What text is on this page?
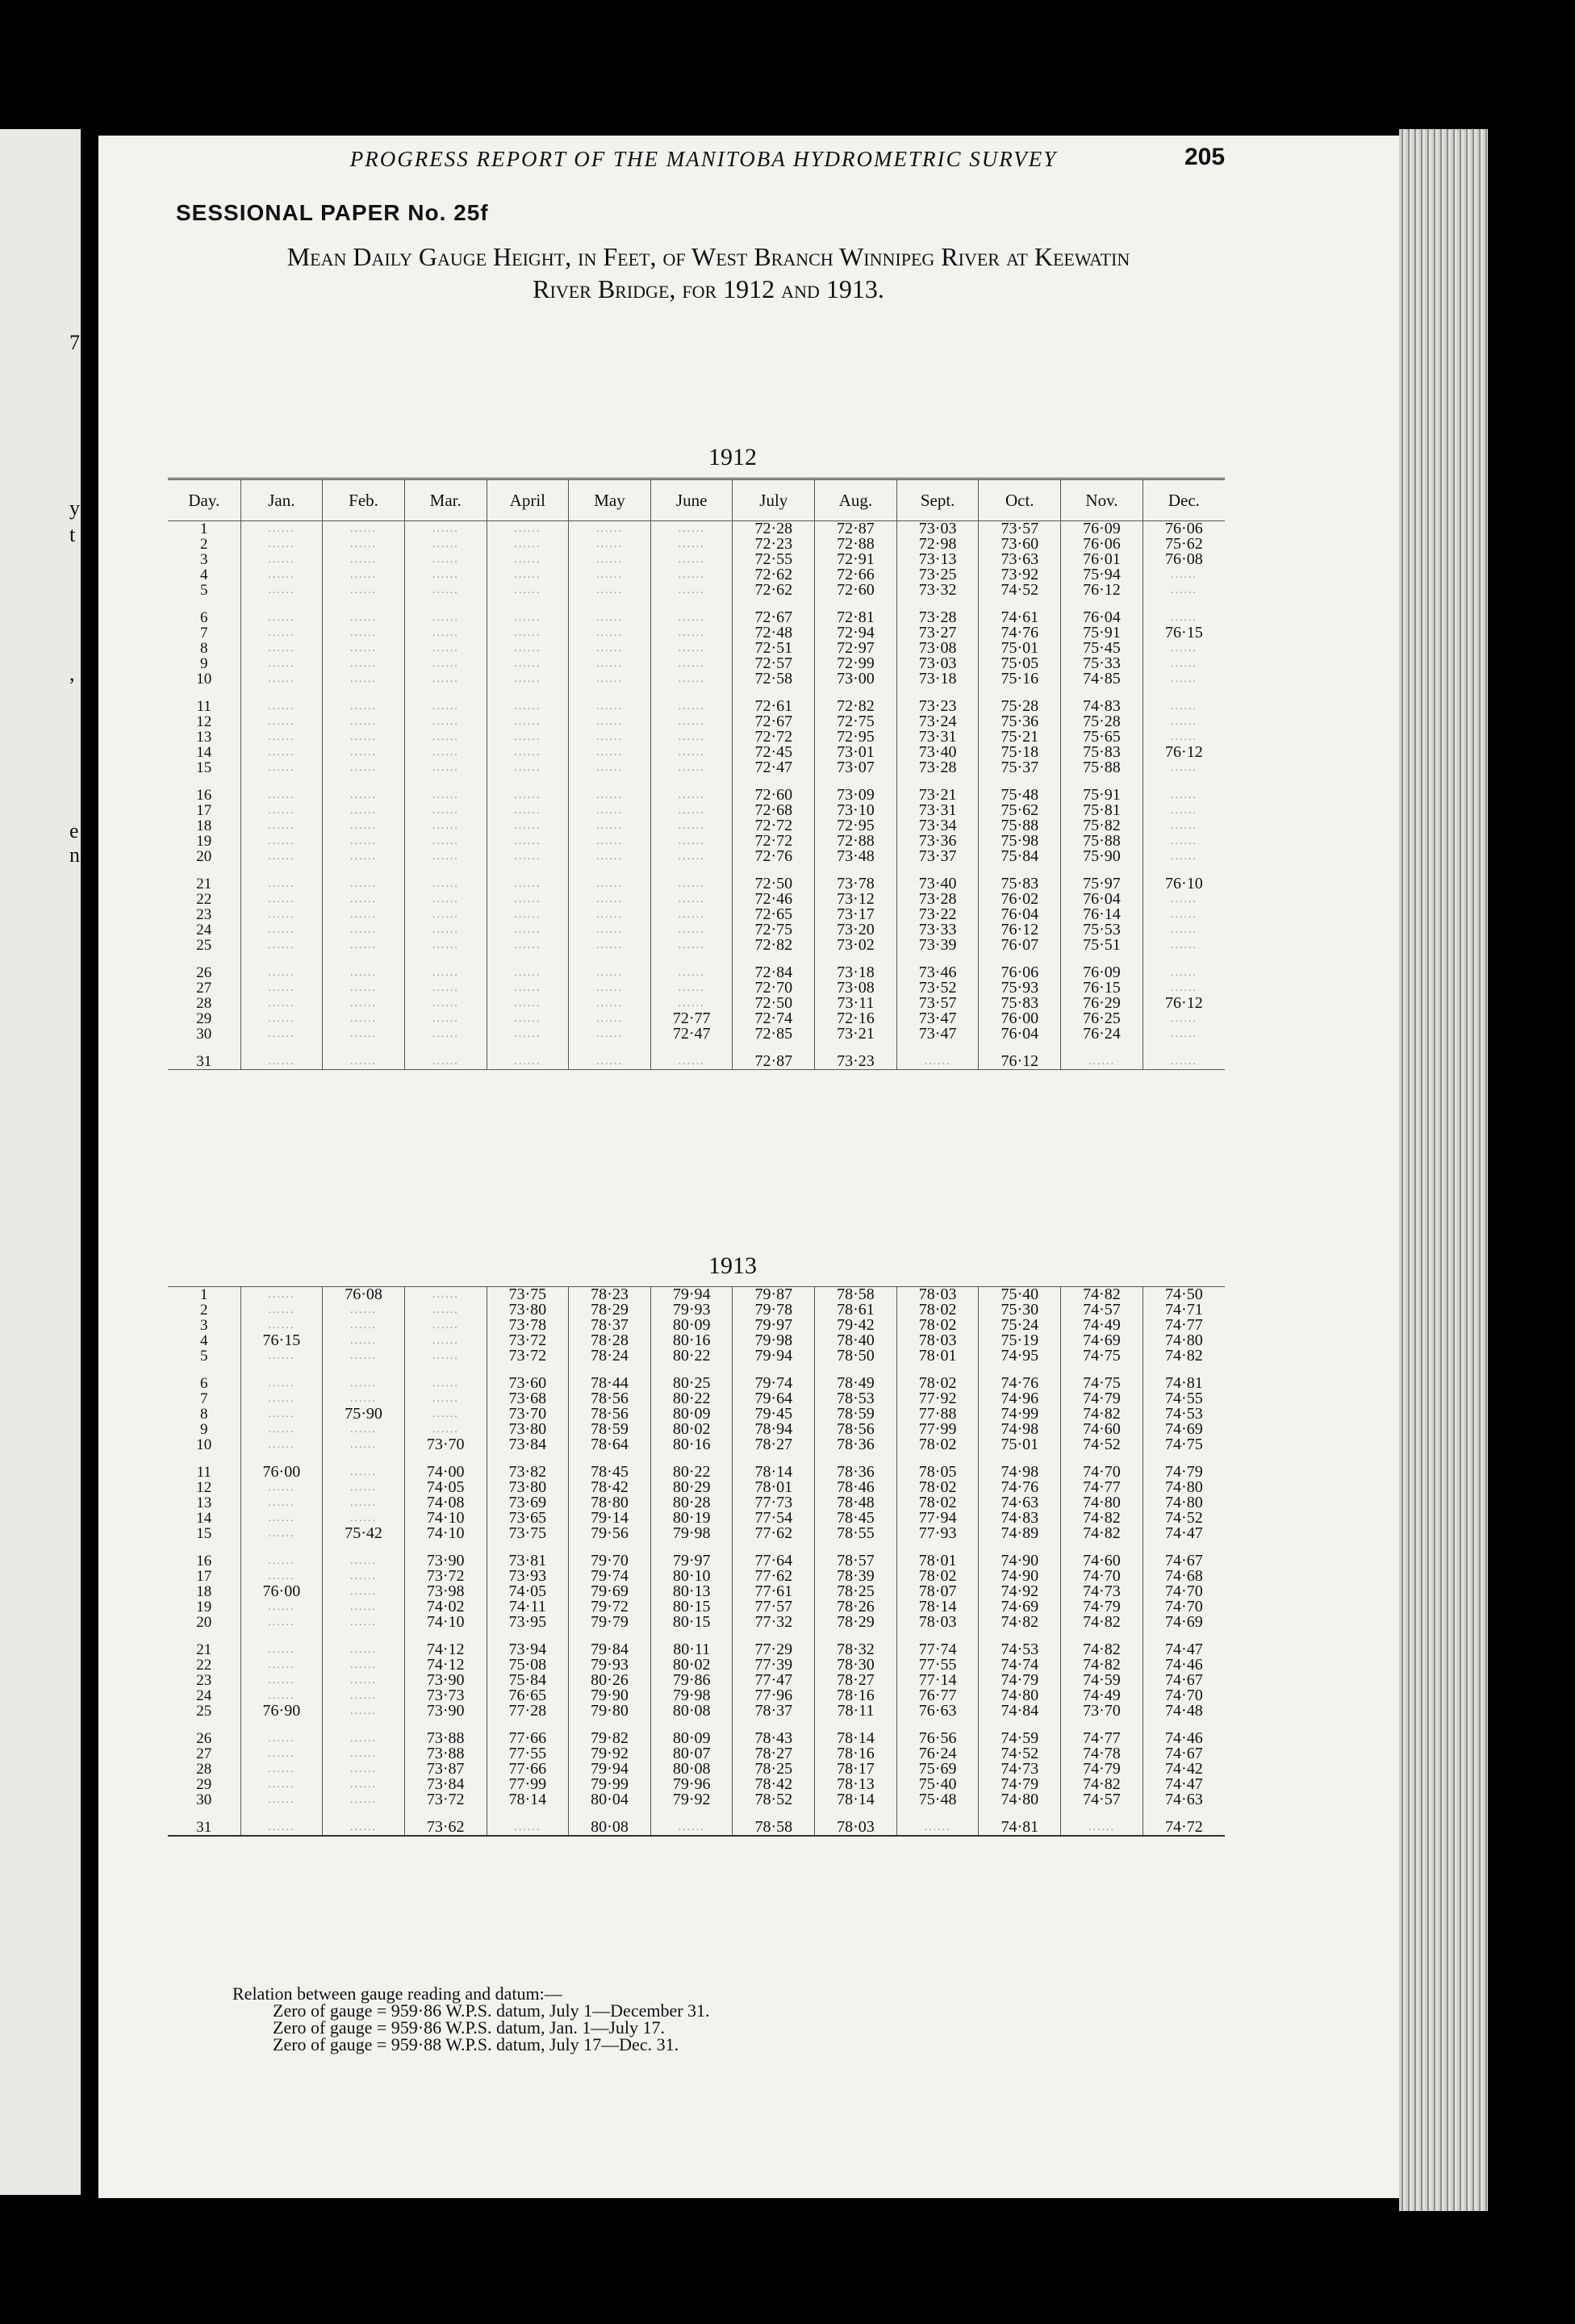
7
y
t
,
e
n
PROGRESS REPORT OF THE MANITOBA HYDROMETRIC SURVEY	205
SESSIONAL PAPER No. 25f
Mean Daily Gauge Height, in Feet, of West Branch Winnipeg River at Keewatin
River Bridge, for 1912 and 1913.
1912
1913
Day.	Jan.	Feb.	Mar.	April	May	June	July	Aug.	Sept.	Oct.	Nov.	Dec.
1	......	......	......	......	......	......	72·28	72·87	73·03	73·57	76·09	76·06
2	......	......	......	......	......	......	72·23	72·88	72·98	73·60	76·06	75·62
3	......	......	......	......	......	......	72·55	72·91	73·13	73·63	76·01	76·08
4	......	......	......	......	......	......	72·62	72·66	73·25	73·92	75·94	......
5	......	......	......	......	......	......	72·62	72·60	73·32	74·52	76·12	......

6	......	......	......	......	......	......	72·67	72·81	73·28	74·61	76·04	......
7	......	......	......	......	......	......	72·48	72·94	73·27	74·76	75·91	76·15
8	......	......	......	......	......	......	72·51	72·97	73·08	75·01	75·45	......
9	......	......	......	......	......	......	72·57	72·99	73·03	75·05	75·33	......
10	......	......	......	......	......	......	72·58	73·00	73·18	75·16	74·85	......

11	......	......	......	......	......	......	72·61	72·82	73·23	75·28	74·83	......
12	......	......	......	......	......	......	72·67	72·75	73·24	75·36	75·28	......
13	......	......	......	......	......	......	72·72	72·95	73·31	75·21	75·65	......
14	......	......	......	......	......	......	72·45	73·01	73·40	75·18	75·83	76·12
15	......	......	......	......	......	......	72·47	73·07	73·28	75·37	75·88	......

16	......	......	......	......	......	......	72·60	73·09	73·21	75·48	75·91	......
17	......	......	......	......	......	......	72·68	73·10	73·31	75·62	75·81	......
18	......	......	......	......	......	......	72·72	72·95	73·34	75·88	75·82	......
19	......	......	......	......	......	......	72·72	72·88	73·36	75·98	75·88	......
20	......	......	......	......	......	......	72·76	73·48	73·37	75·84	75·90	......

21	......	......	......	......	......	......	72·50	73·78	73·40	75·83	75·97	76·10
22	......	......	......	......	......	......	72·46	73·12	73·28	76·02	76·04	......
23	......	......	......	......	......	......	72·65	73·17	73·22	76·04	76·14	......
24	......	......	......	......	......	......	72·75	73·20	73·33	76·12	75·53	......
25	......	......	......	......	......	......	72·82	73·02	73·39	76·07	75·51	......

26	......	......	......	......	......	......	72·84	73·18	73·46	76·06	76·09	......
27	......	......	......	......	......	......	72·70	73·08	73·52	75·93	76·15	......
28	......	......	......	......	......	......	72·50	73·11	73·57	75·83	76·29	76·12
29	......	......	......	......	......	72·77	72·74	72·16	73·47	76·00	76·25	......
30	......	......	......	......	......	72·47	72·85	73·21	73·47	76·04	76·24	......

31	......	......	......	......	......	......	72·87	73·23	......	76·12	......	......
1	......	76·08	......	73·75	78·23	79·94	79·87	78·58	78·03	75·40	74·82	74·50
2	......	......	......	73·80	78·29	79·93	79·78	78·61	78·02	75·30	74·57	74·71
3	......	......	......	73·78	78·37	80·09	79·97	79·42	78·02	75·24	74·49	74·77
4	76·15	......	......	73·72	78·28	80·16	79·98	78·40	78·03	75·19	74·69	74·80
5	......	......	......	73·72	78·24	80·22	79·94	78·50	78·01	74·95	74·75	74·82

6	......	......	......	73·60	78·44	80·25	79·74	78·49	78·02	74·76	74·75	74·81
7	......	......	......	73·68	78·56	80·22	79·64	78·53	77·92	74·96	74·79	74·55
8	......	75·90	......	73·70	78·56	80·09	79·45	78·59	77·88	74·99	74·82	74·53
9	......	......	......	73·80	78·59	80·02	78·94	78·56	77·99	74·98	74·60	74·69
10	......	......	73·70	73·84	78·64	80·16	78·27	78·36	78·02	75·01	74·52	74·75

11	76·00	......	74·00	73·82	78·45	80·22	78·14	78·36	78·05	74·98	74·70	74·79
12	......	......	74·05	73·80	78·42	80·29	78·01	78·46	78·02	74·76	74·77	74·80
13	......	......	74·08	73·69	78·80	80·28	77·73	78·48	78·02	74·63	74·80	74·80
14	......	......	74·10	73·65	79·14	80·19	77·54	78·45	77·94	74·83	74·82	74·52
15	......	75·42	74·10	73·75	79·56	79·98	77·62	78·55	77·93	74·89	74·82	74·47

16	......	......	73·90	73·81	79·70	79·97	77·64	78·57	78·01	74·90	74·60	74·67
17	......	......	73·72	73·93	79·74	80·10	77·62	78·39	78·02	74·90	74·70	74·68
18	76·00	......	73·98	74·05	79·69	80·13	77·61	78·25	78·07	74·92	74·73	74·70
19	......	......	74·02	74·11	79·72	80·15	77·57	78·26	78·14	74·69	74·79	74·70
20	......	......	74·10	73·95	79·79	80·15	77·32	78·29	78·03	74·82	74·82	74·69

21	......	......	74·12	73·94	79·84	80·11	77·29	78·32	77·74	74·53	74·82	74·47
22	......	......	74·12	75·08	79·93	80·02	77·39	78·30	77·55	74·74	74·82	74·46
23	......	......	73·90	75·84	80·26	79·86	77·47	78·27	77·14	74·79	74·59	74·67
24	......	......	73·73	76·65	79·90	79·98	77·96	78·16	76·77	74·80	74·49	74·70
25	76·90	......	73·90	77·28	79·80	80·08	78·37	78·11	76·63	74·84	73·70	74·48

26	......	......	73·88	77·66	79·82	80·09	78·43	78·14	76·56	74·59	74·77	74·46
27	......	......	73·88	77·55	79·92	80·07	78·27	78·16	76·24	74·52	74·78	74·67
28	......	......	73·87	77·66	79·94	80·08	78·25	78·17	75·69	74·73	74·79	74·42
29	......	......	73·84	77·99	79·99	79·96	78·42	78·13	75·40	74·79	74·82	74·47
30	......	......	73·72	78·14	80·04	79·92	78·52	78·14	75·48	74·80	74·57	74·63

31	......	......	73·62	......	80·08	......	78·58	78·03	......	74·81	......	74·72
Relation between gauge reading and datum:—
Zero of gauge = 959·86 W.P.S. datum, July 1—December 31.
Zero of gauge = 959·86 W.P.S. datum, Jan. 1—July 17.
Zero of gauge = 959·88 W.P.S. datum, July 17—Dec. 31.
